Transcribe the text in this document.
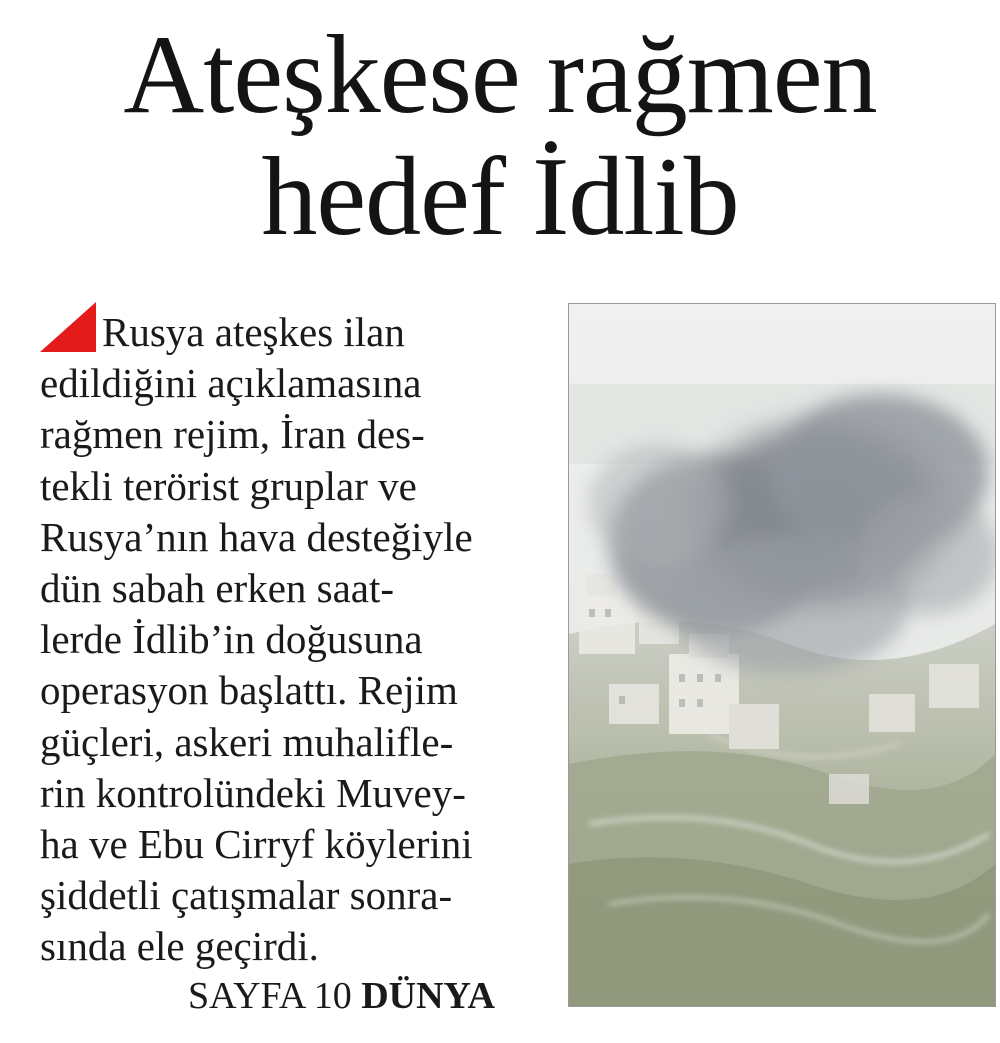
Ateşkese rağmen
hedef İdlib

Rusya ateşkes ilan
edildiğini açıklamasına
rağmen rejim, İran des-
tekli terörist gruplar ve
Rusya’nın hava desteğiyle
dün sabah erken saat-
lerde İdlib’in doğusuna
operasyon başlattı. Rejim
güçleri, askeri muhalifle-
rin kontrolündeki Muvey-
ha ve Ebu Cirryf köylerini
şiddetli çatışmalar sonra-
sında ele geçirdi.

SAYFA 10 DÜNYA
